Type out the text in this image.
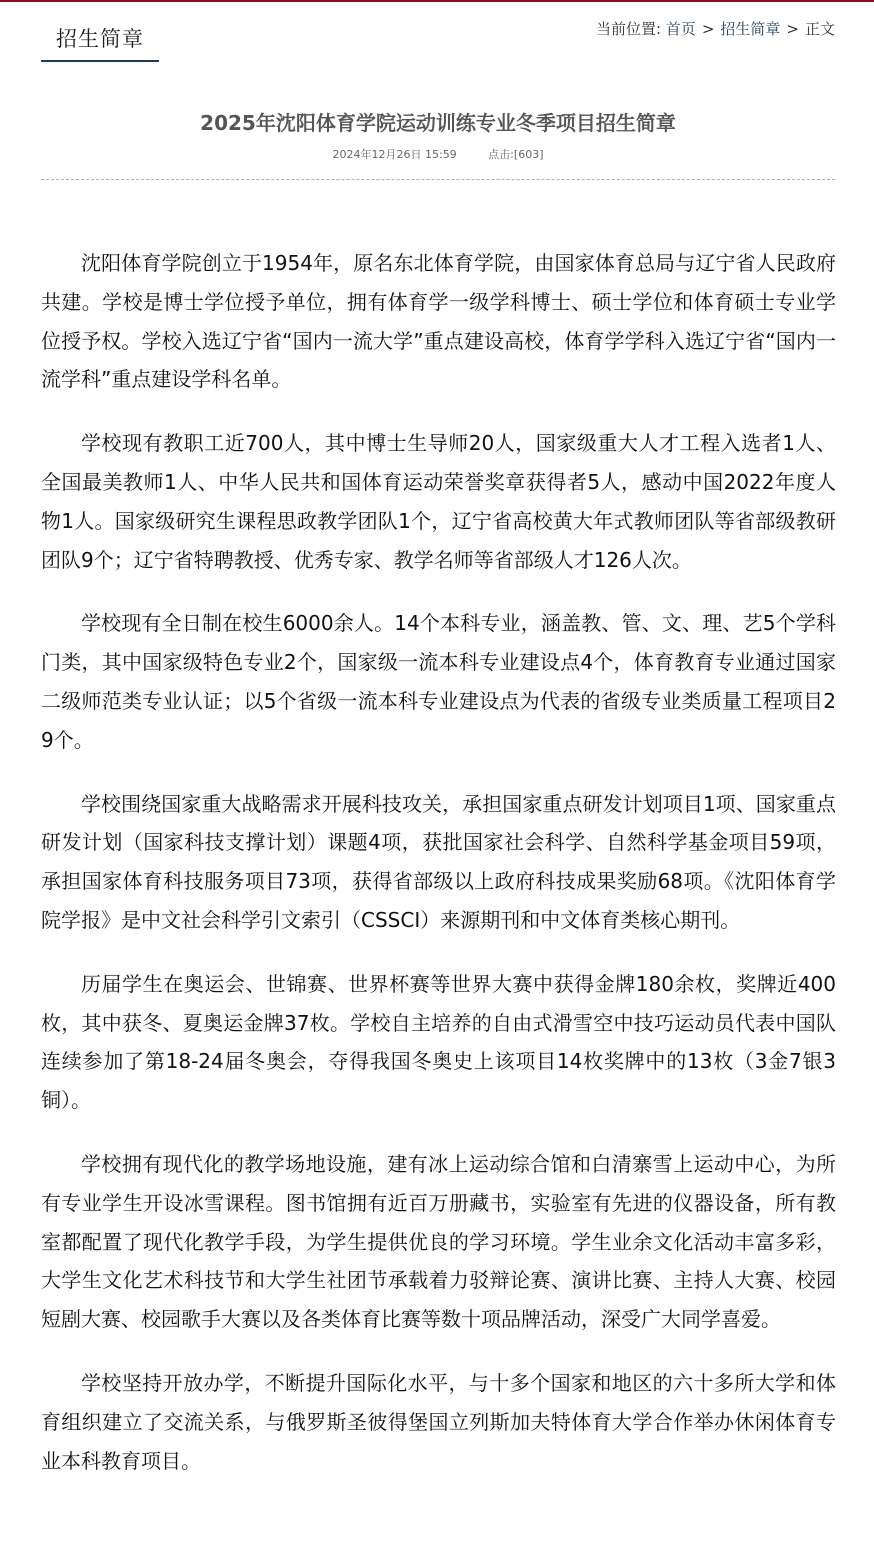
招生简章	当前位置: 首页 > 招生简章 > 正文
2025年沈阳体育学院运动训练专业冬季项目招生简章
2024年12月26日 15:59	点击:[603]

沈阳体育学院创立于1954年，原名东北体育学院，由国家体育总局与辽宁省人民政府共建。学校是博士学位授予单位，拥有体育学一级学科博士、硕士学位和体育硕士专业学位授予权。学校入选辽宁省“国内一流大学”重点建设高校，体育学学科入选辽宁省“国内一流学科”重点建设学科名单。

学校现有教职工近700人，其中博士生导师20人，国家级重大人才工程入选者1人、全国最美教师1人、中华人民共和国体育运动荣誉奖章获得者5人，感动中国2022年度人物1人。国家级研究生课程思政教学团队1个，辽宁省高校黄大年式教师团队等省部级教研团队9个；辽宁省特聘教授、优秀专家、教学名师等省部级人才126人次。

学校现有全日制在校生6000余人。14个本科专业，涵盖教、管、文、理、艺5个学科门类，其中国家级特色专业2个，国家级一流本科专业建设点4个，体育教育专业通过国家二级师范类专业认证；以5个省级一流本科专业建设点为代表的省级专业类质量工程项目29个。

学校围绕国家重大战略需求开展科技攻关，承担国家重点研发计划项目1项、国家重点研发计划（国家科技支撑计划）课题4项，获批国家社会科学、自然科学基金项目59项，承担国家体育科技服务项目73项，获得省部级以上政府科技成果奖励68项。《沈阳体育学院学报》是中文社会科学引文索引（CSSCI）来源期刊和中文体育类核心期刊。

历届学生在奥运会、世锦赛、世界杯赛等世界大赛中获得金牌180余枚，奖牌近400枚，其中获冬、夏奥运金牌37枚。学校自主培养的自由式滑雪空中技巧运动员代表中国队连续参加了第18-24届冬奥会，夺得我国冬奥史上该项目14枚奖牌中的13枚（3金7银3铜）。

学校拥有现代化的教学场地设施，建有冰上运动综合馆和白清寨雪上运动中心，为所有专业学生开设冰雪课程。图书馆拥有近百万册藏书，实验室有先进的仪器设备，所有教室都配置了现代化教学手段，为学生提供优良的学习环境。学生业余文化活动丰富多彩，大学生文化艺术科技节和大学生社团节承载着力驳辩论赛、演讲比赛、主持人大赛、校园短剧大赛、校园歌手大赛以及各类体育比赛等数十项品牌活动，深受广大同学喜爱。

学校坚持开放办学，不断提升国际化水平，与十多个国家和地区的六十多所大学和体育组织建立了交流关系，与俄罗斯圣彼得堡国立列斯加夫特体育大学合作举办休闲体育专业本科教育项目。
